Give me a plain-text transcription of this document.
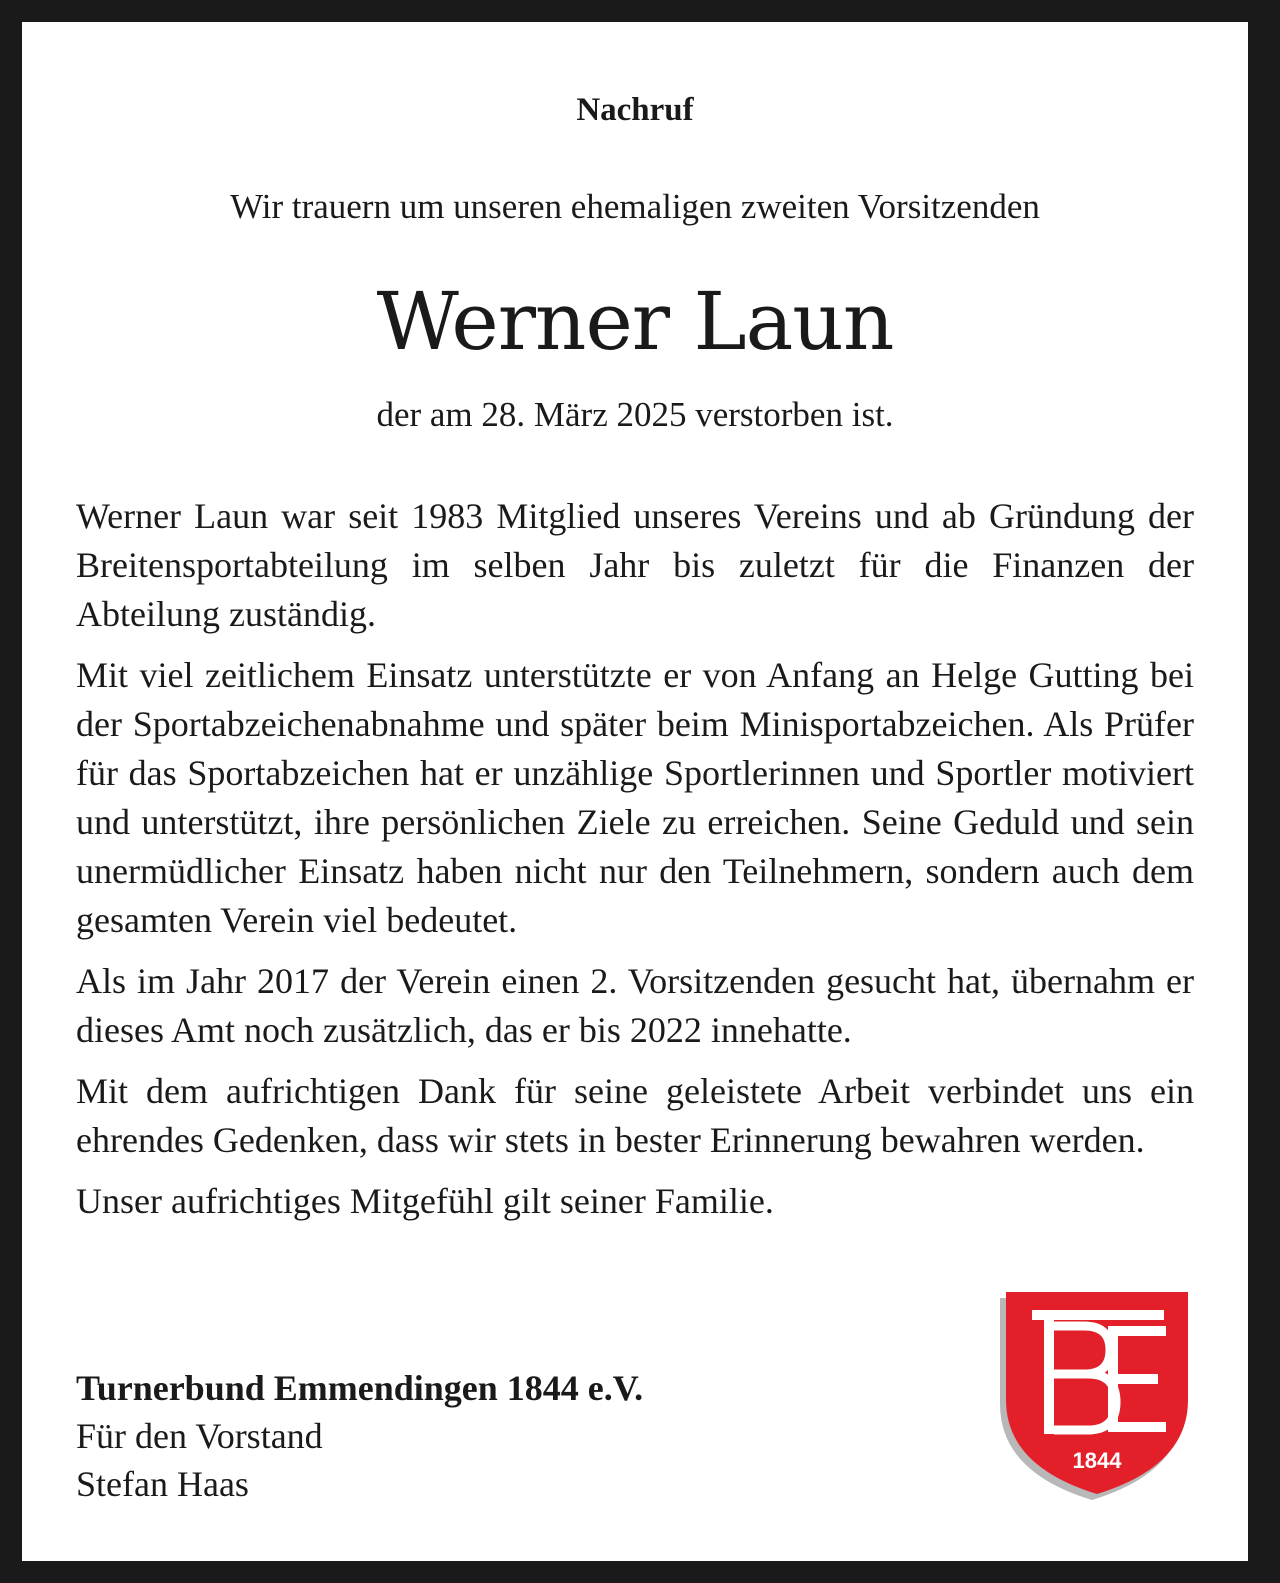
Nachruf
Wir trauern um unseren ehemaligen zweiten Vorsitzenden
Werner Laun
der am 28. März 2025 verstorben ist.

Werner Laun war seit 1983 Mitglied unseres Vereins und ab Gründung der Breitensportabteilung im selben Jahr bis zuletzt für die Finanzen der Abteilung zuständig.

Mit viel zeitlichem Einsatz unterstützte er von Anfang an Helge Gutting bei der Sportabzeichenabnahme und später beim Minisportabzeichen. Als Prüfer für das Sportabzeichen hat er unzählige Sportlerinnen und Sportler motiviert und unterstützt, ihre persönlichen Ziele zu erreichen. Seine Geduld und sein unermüdlicher Einsatz haben nicht nur den Teilnehmern, sondern auch dem gesamten Verein viel bedeutet.

Als im Jahr 2017 der Verein einen 2. Vorsitzenden gesucht hat, übernahm er dieses Amt noch zusätzlich, das er bis 2022 innehatte.

Mit dem aufrichtigen Dank für seine geleistete Arbeit verbindet uns ein ehrendes Gedenken, dass wir stets in bester Erinnerung bewahren werden.

Unser aufrichtiges Mitgefühl gilt seiner Familie.

Turnerbund Emmendingen 1844 e.V.
Für den Vorstand
Stefan Haas
1844
